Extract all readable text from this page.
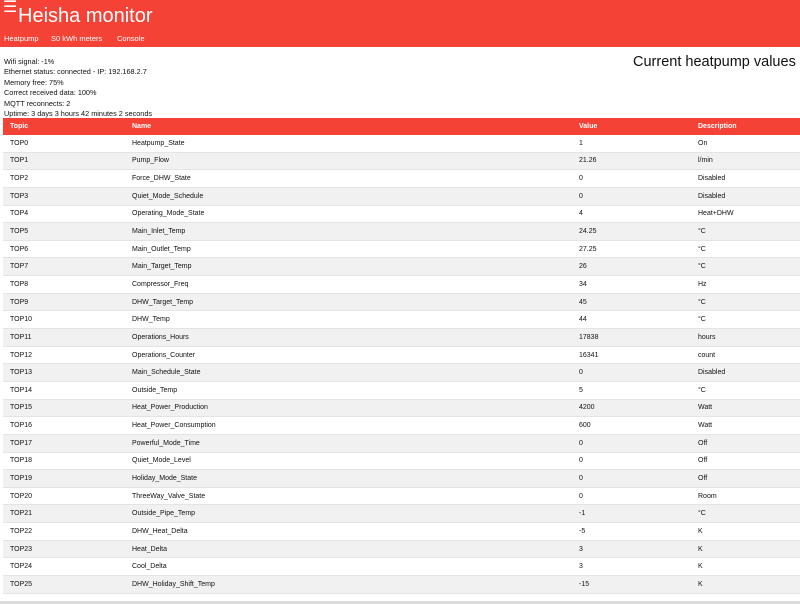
☰ Heisha monitor
Heatpump S0 kWh meters Console
Wifi signal: -1%
Ethernet status: connected - IP: 192.168.2.7
Memory free: 75%
Correct received data: 100%
MQTT reconnects: 2
Uptime: 3 days 3 hours 42 minutes 2 seconds
Current heatpump values
Topic	Name	Value	Description
TOP0	Heatpump_State	1	On
TOP1	Pump_Flow	21.26	l/min
TOP2	Force_DHW_State	0	Disabled
TOP3	Quiet_Mode_Schedule	0	Disabled
TOP4	Operating_Mode_State	4	Heat+DHW
TOP5	Main_Inlet_Temp	24.25	°C
TOP6	Main_Outlet_Temp	27.25	°C
TOP7	Main_Target_Temp	26	°C
TOP8	Compressor_Freq	34	Hz
TOP9	DHW_Target_Temp	45	°C
TOP10	DHW_Temp	44	°C
TOP11	Operations_Hours	17838	hours
TOP12	Operations_Counter	16341	count
TOP13	Main_Schedule_State	0	Disabled
TOP14	Outside_Temp	5	°C
TOP15	Heat_Power_Production	4200	Watt
TOP16	Heat_Power_Consumption	600	Watt
TOP17	Powerful_Mode_Time	0	Off
TOP18	Quiet_Mode_Level	0	Off
TOP19	Holiday_Mode_State	0	Off
TOP20	ThreeWay_Valve_State	0	Room
TOP21	Outside_Pipe_Temp	-1	°C
TOP22	DHW_Heat_Delta	-5	K
TOP23	Heat_Delta	3	K
TOP24	Cool_Delta	3	K
TOP25	DHW_Holiday_Shift_Temp	-15	K
